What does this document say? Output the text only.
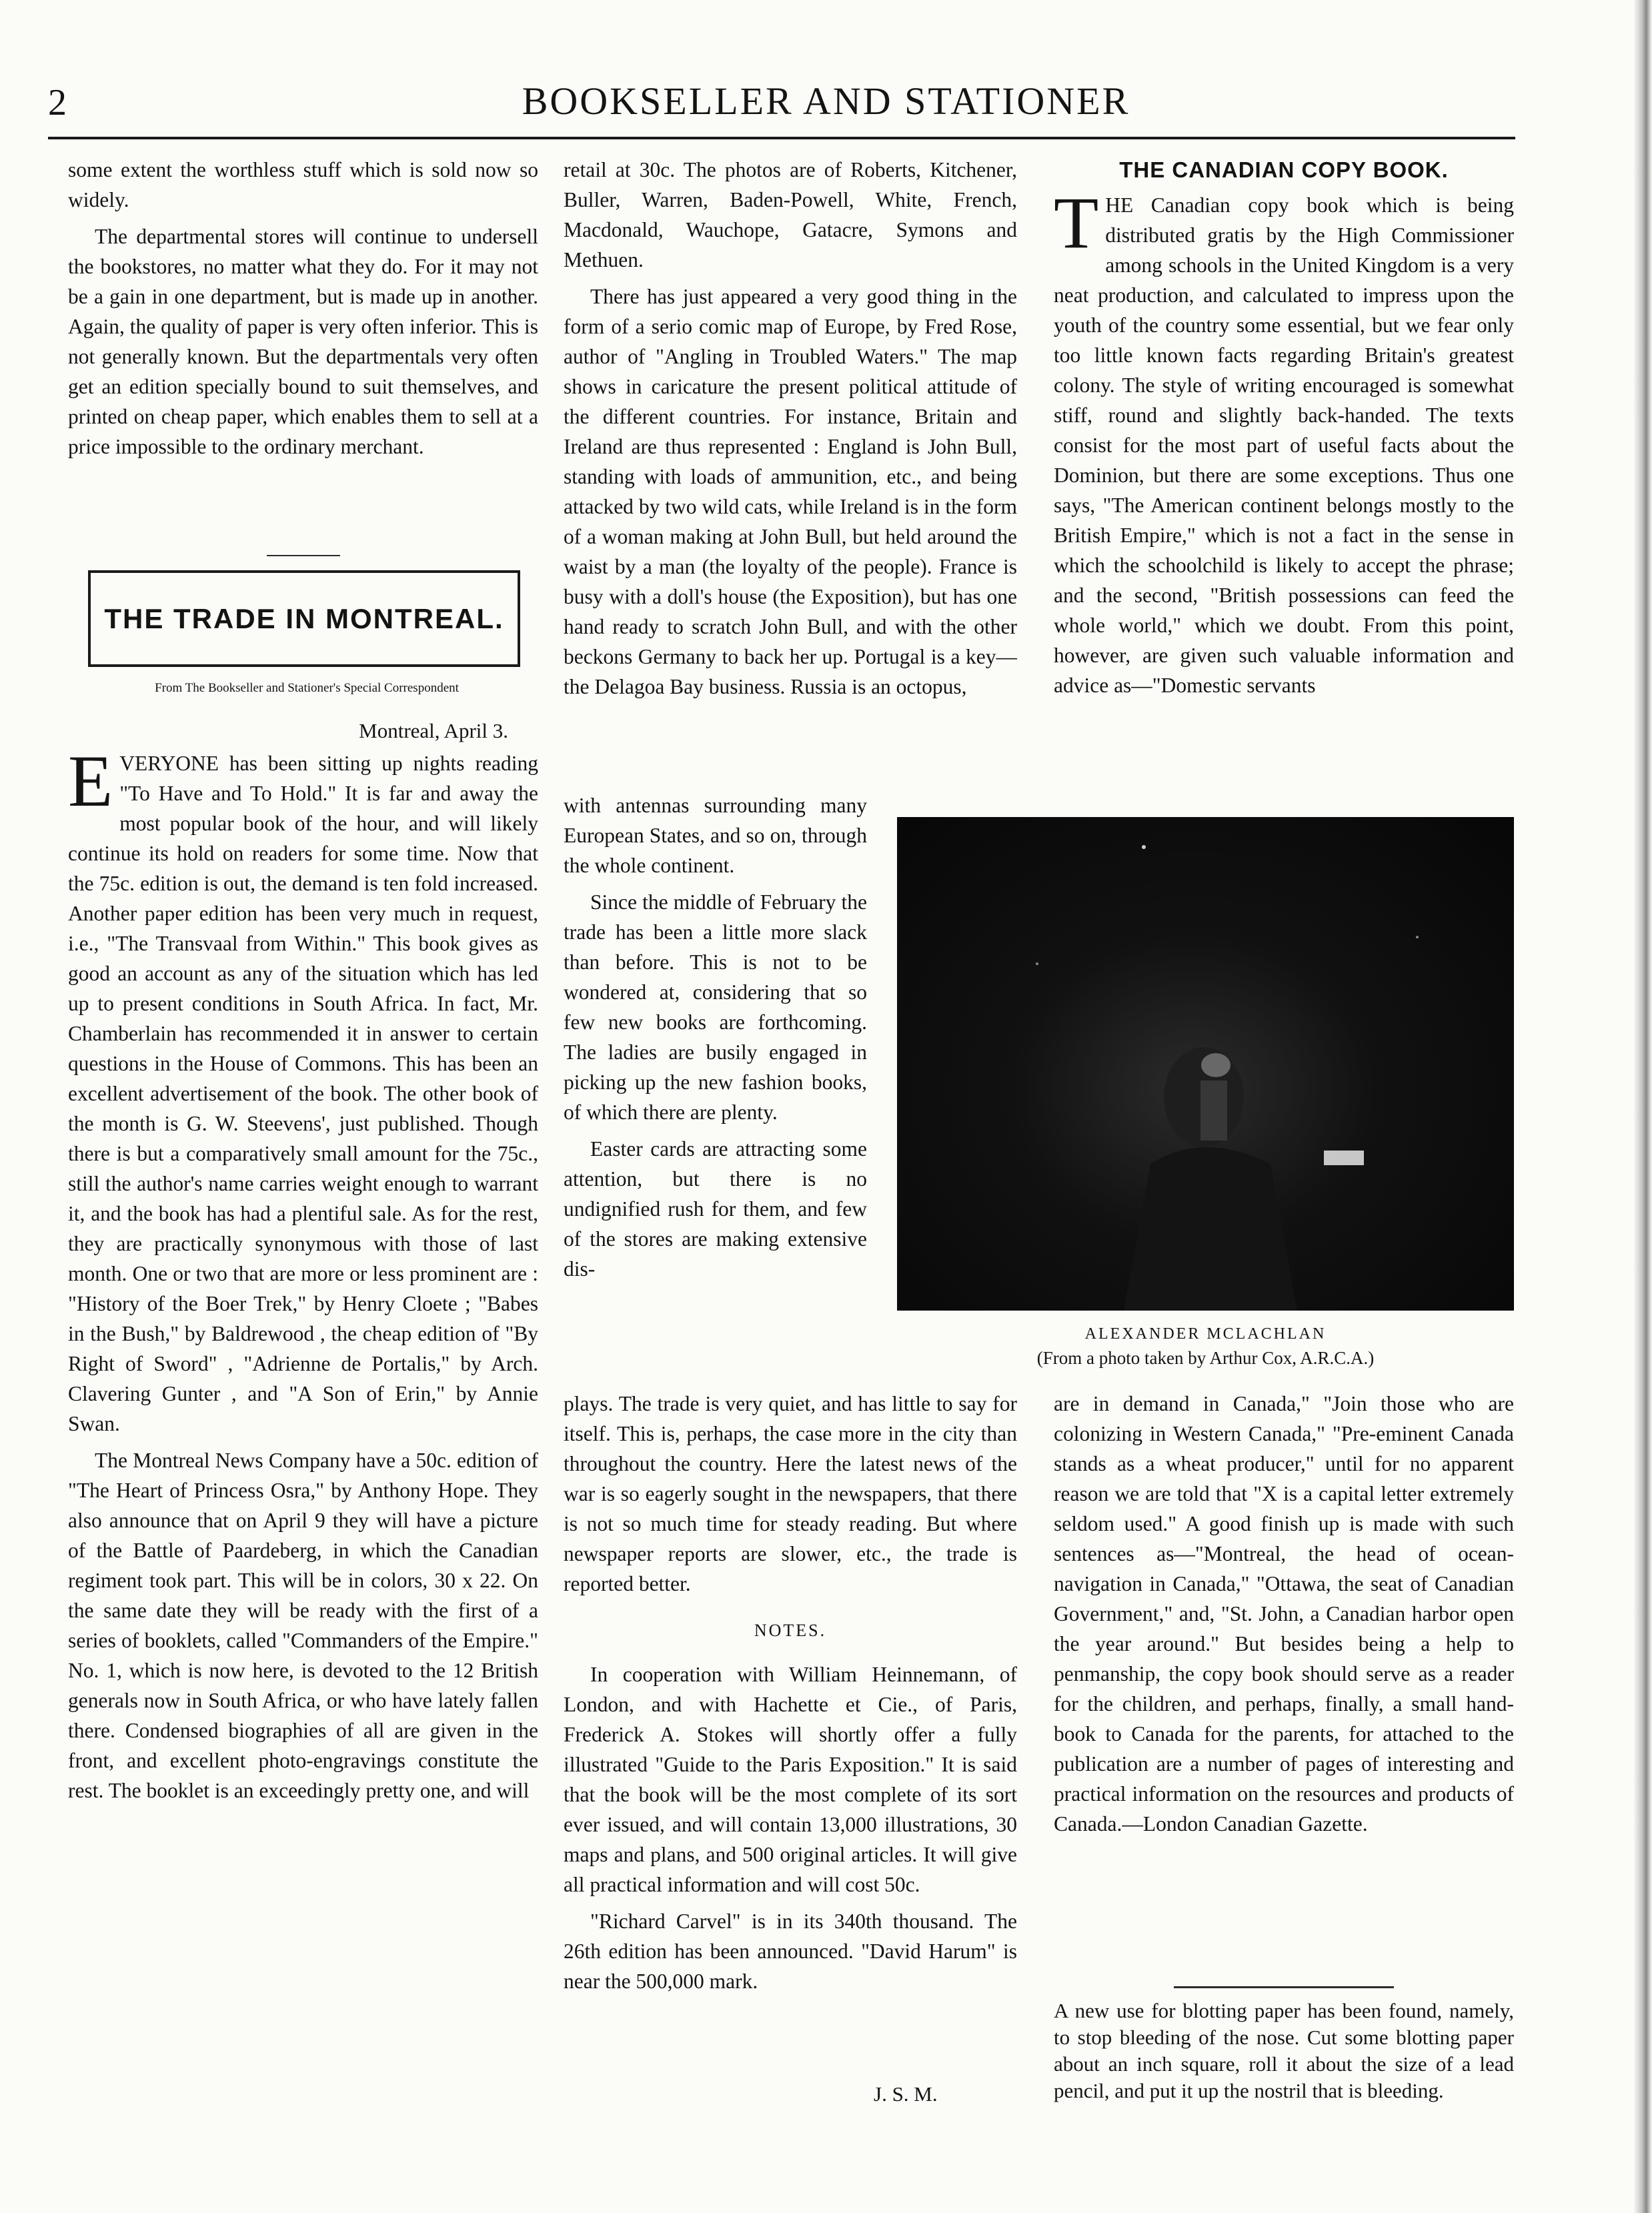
2	BOOKSELLER AND STATIONER

some extent the worthless stuff which is sold now so widely.

The departmental stores will continue to undersell the bookstores, no matter what they do. For it may not be a gain in one department, but is made up in another. Again, the quality of paper is very often inferior. This is not generally known. But the departmentals very often get an edition specially bound to suit themselves, and printed on cheap paper, which enables them to sell at a price impossible to the ordinary merchant.

THE TRADE IN MONTREAL.
From The Bookseller and Stationer's Special Correspondent
Montreal, April 3.

EVERYONE has been sitting up nights reading "To Have and To Hold." It is far and away the most popular book of the hour, and will likely continue its hold on readers for some time. Now that the 75c. edition is out, the demand is ten fold increased. Another paper edition has been very much in request, i.e., "The Transvaal from Within." This book gives as good an account as any of the situation which has led up to present conditions in South Africa. In fact, Mr. Chamberlain has recommended it in answer to certain questions in the House of Commons. This has been an excellent advertisement of the book. The other book of the month is G. W. Steevens', just published. Though there is but a comparatively small amount for the 75c., still the author's name carries weight enough to warrant it, and the book has had a plentiful sale. As for the rest, they are practically synonymous with those of last month. One or two that are more or less prominent are : "History of the Boer Trek," by Henry Cloete ; "Babes in the Bush," by Baldrewood , the cheap edition of "By Right of Sword" , "Adrienne de Portalis," by Arch. Clavering Gunter , and "A Son of Erin," by Annie Swan.

The Montreal News Company have a 50c. edition of "The Heart of Princess Osra," by Anthony Hope. They also announce that on April 9 they will have a picture of the Battle of Paardeberg, in which the Canadian regiment took part. This will be in colors, 30 x 22. On the same date they will be ready with the first of a series of booklets, called "Commanders of the Empire." No. 1, which is now here, is devoted to the 12 British generals now in South Africa, or who have lately fallen there. Condensed biographies of all are given in the front, and excellent photo-engravings constitute the rest. The booklet is an exceedingly pretty one, and will

retail at 30c. The photos are of Roberts, Kitchener, Buller, Warren, Baden-Powell, White, French, Macdonald, Wauchope, Gatacre, Symons and Methuen.

There has just appeared a very good thing in the form of a serio comic map of Europe, by Fred Rose, author of "Angling in Troubled Waters." The map shows in caricature the present political attitude of the different countries. For instance, Britain and Ireland are thus represented : England is John Bull, standing with loads of ammunition, etc., and being attacked by two wild cats, while Ireland is in the form of a woman making at John Bull, but held around the waist by a man (the loyalty of the people). France is busy with a doll's house (the Exposition), but has one hand ready to scratch John Bull, and with the other beckons Germany to back her up. Portugal is a key—the Delagoa Bay business. Russia is an octopus,

with antennas surrounding many European States, and so on, through the whole continent.

Since the middle of February the trade has been a little more slack than before. This is not to be wondered at, considering that so few new books are forthcoming. The ladies are busily engaged in picking up the new fashion books, of which there are plenty.

Easter cards are attracting some attention, but there is no undignified rush for them, and few of the stores are making extensive dis-

plays. The trade is very quiet, and has little to say for itself. This is, perhaps, the case more in the city than throughout the country. Here the latest news of the war is so eagerly sought in the newspapers, that there is not so much time for steady reading. But where newspaper reports are slower, etc., the trade is reported better.

NOTES.

In cooperation with William Heinnemann, of London, and with Hachette et Cie., of Paris, Frederick A. Stokes will shortly offer a fully illustrated "Guide to the Paris Exposition." It is said that the book will be the most complete of its sort ever issued, and will contain 13,000 illustrations, 30 maps and plans, and 500 original articles. It will give all practical information and will cost 50c.

"Richard Carvel" is in its 340th thousand. The 26th edition has been announced. "David Harum" is near the 500,000 mark.

J. S. M.
THE CANADIAN COPY BOOK.

THE Canadian copy book which is being distributed gratis by the High Commissioner among schools in the United Kingdom is a very neat production, and calculated to impress upon the youth of the country some essential, but we fear only too little known facts regarding Britain's greatest colony. The style of writing encouraged is somewhat stiff, round and slightly back-handed. The texts consist for the most part of useful facts about the Dominion, but there are some exceptions. Thus one says, "The American continent belongs mostly to the British Empire," which is not a fact in the sense in which the schoolchild is likely to accept the phrase; and the second, "British possessions can feed the whole world," which we doubt. From this point, however, are given such valuable information and advice as—"Domestic servants

ALEXANDER MCLACHLAN
(From a photo taken by Arthur Cox, A.R.C.A.)

are in demand in Canada," "Join those who are colonizing in Western Canada," "Pre-eminent Canada stands as a wheat producer," until for no apparent reason we are told that "X is a capital letter extremely seldom used." A good finish up is made with such sentences as—"Montreal, the head of ocean-navigation in Canada," "Ottawa, the seat of Canadian Government," and, "St. John, a Canadian harbor open the year around." But besides being a help to penmanship, the copy book should serve as a reader for the children, and perhaps, finally, a small hand-book to Canada for the parents, for attached to the publication are a number of pages of interesting and practical information on the resources and products of Canada.—London Canadian Gazette.

A new use for blotting paper has been found, namely, to stop bleeding of the nose. Cut some blotting paper about an inch square, roll it about the size of a lead pencil, and put it up the nostril that is bleeding.
